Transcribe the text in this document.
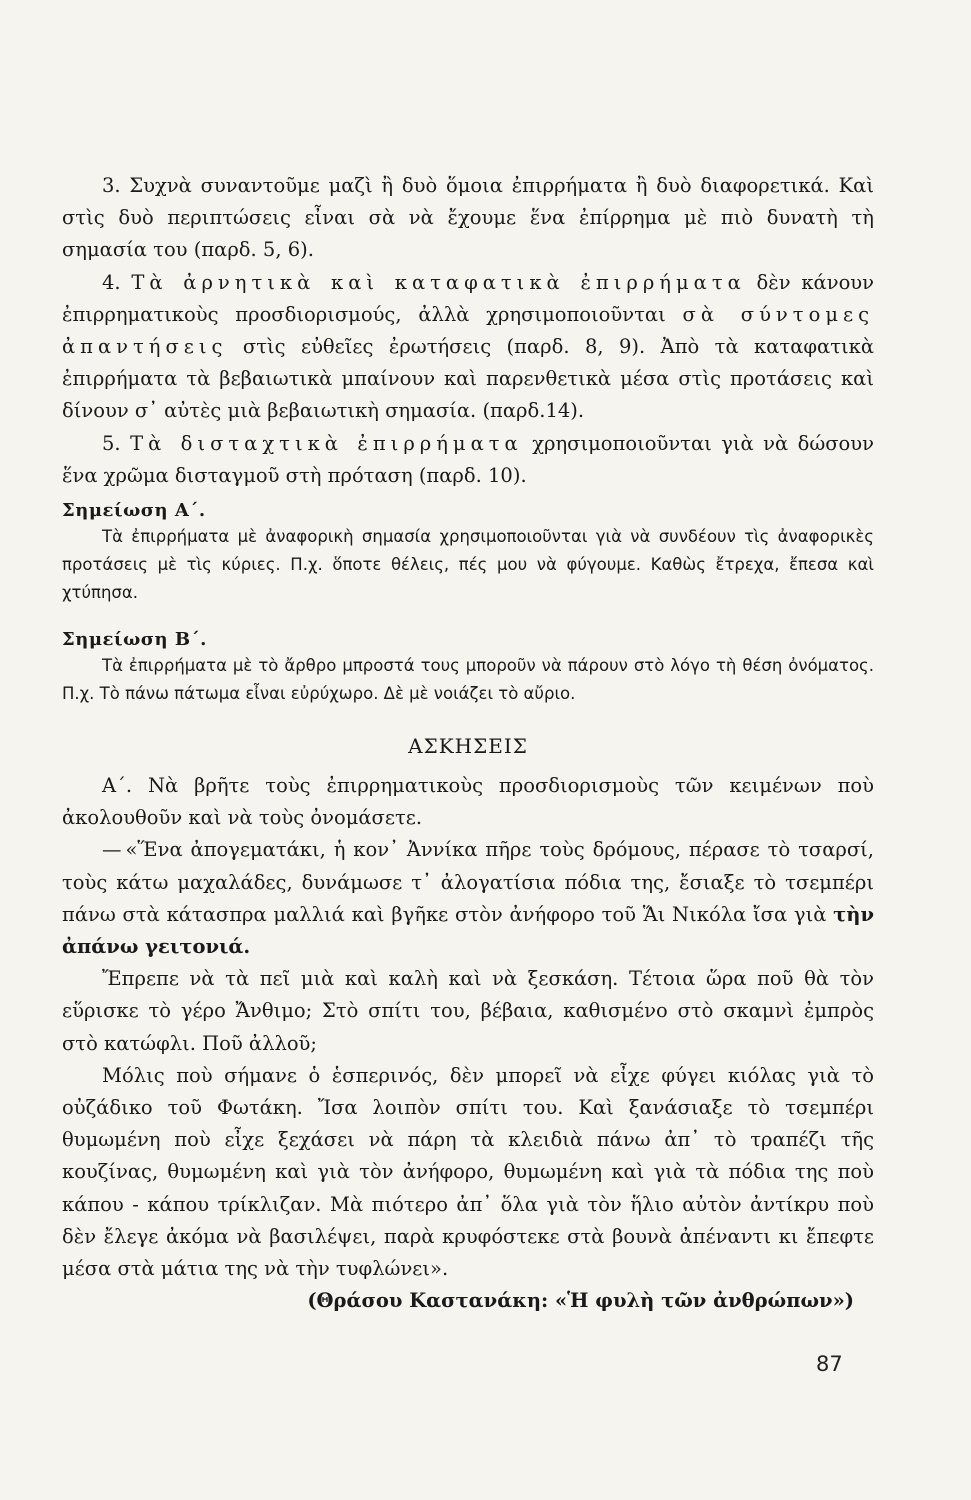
3. Συχνὰ συναντοῦμε μαζὶ ἢ δυὸ ὅμοια ἐπιρρήματα ἢ δυὸ διαφορετικά. Καὶ στὶς δυὸ περιπτώσεις εἶναι σὰ νὰ ἔχουμε ἕνα ἐπίρρημα μὲ πιὸ δυνατὴ τὴ σημασία του (παρδ. 5, 6).

4. Τὰ ἀρνητικὰ καὶ καταφατικὰ ἐπιρρήματα δὲν κάνουν ἐπιρρηματικοὺς προσδιορισμούς, ἀλλὰ χρησιμοποιοῦνται σὰ σύντομες ἀπαντήσεις στὶς εὐθεῖες ἐρωτήσεις (παρδ. 8, 9). Ἀπὸ τὰ καταφατικὰ ἐπιρρήματα τὰ βεβαιωτικὰ μπαίνουν καὶ παρενθετικὰ μέσα στὶς προτάσεις καὶ δίνουν σ᾽ αὐτὲς μιὰ βεβαιωτικὴ σημασία. (παρδ.14).

5. Τὰ δισταχτικὰ ἐπιρρήματα χρησιμοποιοῦνται γιὰ νὰ δώσουν ἕνα χρῶμα δισταγμοῦ στὴ πρόταση (παρδ. 10).

Σημείωση Α΄.

Τὰ ἐπιρρήματα μὲ ἀναφορικὴ σημασία χρησιμοποιοῦνται γιὰ νὰ συνδέουν τὶς ἀναφορικὲς προτάσεις μὲ τὶς κύριες. Π.χ. ὅποτε θέλεις, πές μου νὰ φύγουμε. Καθὼς ἔτρεχα, ἔπεσα καὶ χτύπησα.

Σημείωση Β΄.

Τὰ ἐπιρρήματα μὲ τὸ ἄρθρο μπροστά τους μποροῦν νὰ πάρουν στὸ λόγο τὴ θέση ὀνόματος. Π.χ. Τὸ πάνω πάτωμα εἶναι εὐρύχωρο. Δὲ μὲ νοιάζει τὸ αὔριο.

ΑΣΚΗΣΕΙΣ

Α΄. Νὰ βρῆτε τοὺς ἐπιρρηματικοὺς προσδιορισμοὺς τῶν κειμένων ποὺ ἀκολουθοῦν καὶ νὰ τοὺς ὀνομάσετε.

— «Ἕνα ἀπογεματάκι, ἡ κον᾽ Ἀννίκα πῆρε τοὺς δρόμους, πέρασε τὸ τσαρσί, τοὺς κάτω μαχαλάδες, δυνάμωσε τ᾽ ἀλογατίσια πόδια της, ἔσιαξε τὸ τσεμπέρι πάνω στὰ κάτασπρα μαλλιά καὶ βγῆκε στὸν ἀνήφορο τοῦ Ἅι Νικόλα ἴσα γιὰ τὴν ἀπάνω γειτονιά.

Ἔπρεπε νὰ τὰ πεῖ μιὰ καὶ καλὴ καὶ νὰ ξεσκάση. Τέτοια ὥρα ποῦ θὰ τὸν εὕρισκε τὸ γέρο Ἄνθιμο; Στὸ σπίτι του, βέβαια, καθισμένο στὸ σκαμνὶ ἐμπρὸς στὸ κατώφλι. Ποῦ ἀλλοῦ;

Μόλις ποὺ σήμανε ὁ ἑσπερινός, δὲν μπορεῖ νὰ εἶχε φύγει κιόλας γιὰ τὸ οὐζάδικο τοῦ Φωτάκη. Ἴσα λοιπὸν σπίτι του. Καὶ ξανάσιαξε τὸ τσεμπέρι θυμωμένη ποὺ εἶχε ξεχάσει νὰ πάρη τὰ κλειδιὰ πάνω ἀπ᾽ τὸ τραπέζι τῆς κουζίνας, θυμωμένη καὶ γιὰ τὸν ἀνήφορο, θυμωμένη καὶ γιὰ τὰ πόδια της ποὺ κάπου - κάπου τρίκλιζαν. Μὰ πιότερο ἀπ᾽ ὅλα γιὰ τὸν ἥλιο αὐτὸν ἀντίκρυ ποὺ δὲν ἔλεγε ἀκόμα νὰ βασιλέψει, παρὰ κρυφόστεκε στὰ βουνὰ ἀπέναντι κι ἔπεφτε μέσα στὰ μάτια της νὰ τὴν τυφλώνει».

(Θράσου Καστανάκη: «Ἡ φυλὴ τῶν ἀνθρώπων»)

87
